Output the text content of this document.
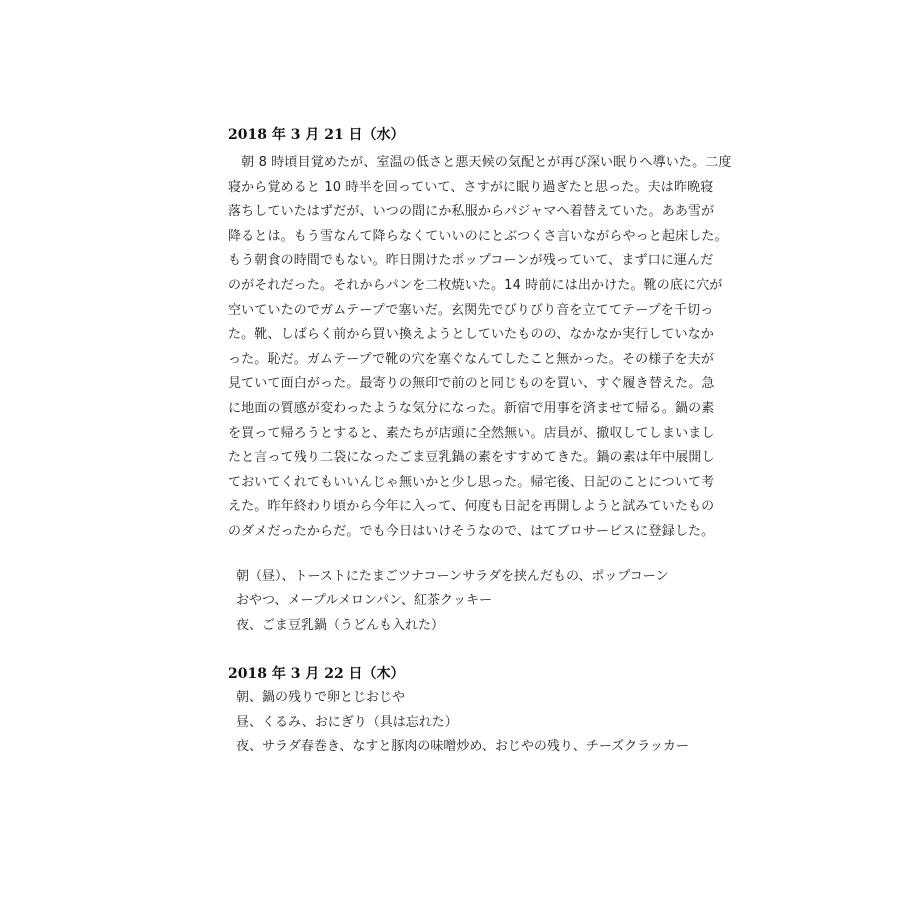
2018 年 3 月 21 日（水）

　朝 8 時頃目覚めたが、室温の低さと悪天候の気配とが再び深い眠りへ導いた。二度

寝から覚めると 10 時半を回っていて、さすがに眠り過ぎたと思った。夫は昨晩寝

落ちしていたはずだが、いつの間にか私服からパジャマへ着替えていた。ああ雪が

降るとは。もう雪なんて降らなくていいのにとぶつくさ言いながらやっと起床した。

もう朝食の時間でもない。昨日開けたポップコーンが残っていて、まず口に運んだ

のがそれだった。それからパンを二枚焼いた。14 時前には出かけた。靴の底に穴が

空いていたのでガムテープで塞いだ。玄関先でびりびり音を立ててテープを千切っ

た。靴、しばらく前から買い換えようとしていたものの、なかなか実行していなか

った。恥だ。ガムテープで靴の穴を塞ぐなんてしたこと無かった。その様子を夫が

見ていて面白がった。最寄りの無印で前のと同じものを買い、すぐ履き替えた。急

に地面の質感が変わったような気分になった。新宿で用事を済ませて帰る。鍋の素

を買って帰ろうとすると、素たちが店頭に全然無い。店員が、撤収してしまいまし

たと言って残り二袋になったごま豆乳鍋の素をすすめてきた。鍋の素は年中展開し

ておいてくれてもいいんじゃ無いかと少し思った。帰宅後、日記のことについて考

えた。昨年終わり頃から今年に入って、何度も日記を再開しようと試みていたもの

のダメだったからだ。でも今日はいけそうなので、はてブロサービスに登録した。

朝（昼）、トーストにたまごツナコーンサラダを挟んだもの、ポップコーン

おやつ、メープルメロンパン、紅茶クッキー

夜、ごま豆乳鍋（うどんも入れた）

2018 年 3 月 22 日（木）

朝、鍋の残りで卵とじおじや

昼、くるみ、おにぎり（具は忘れた）

夜、サラダ春巻き、なすと豚肉の味噌炒め、おじやの残り、チーズクラッカー
